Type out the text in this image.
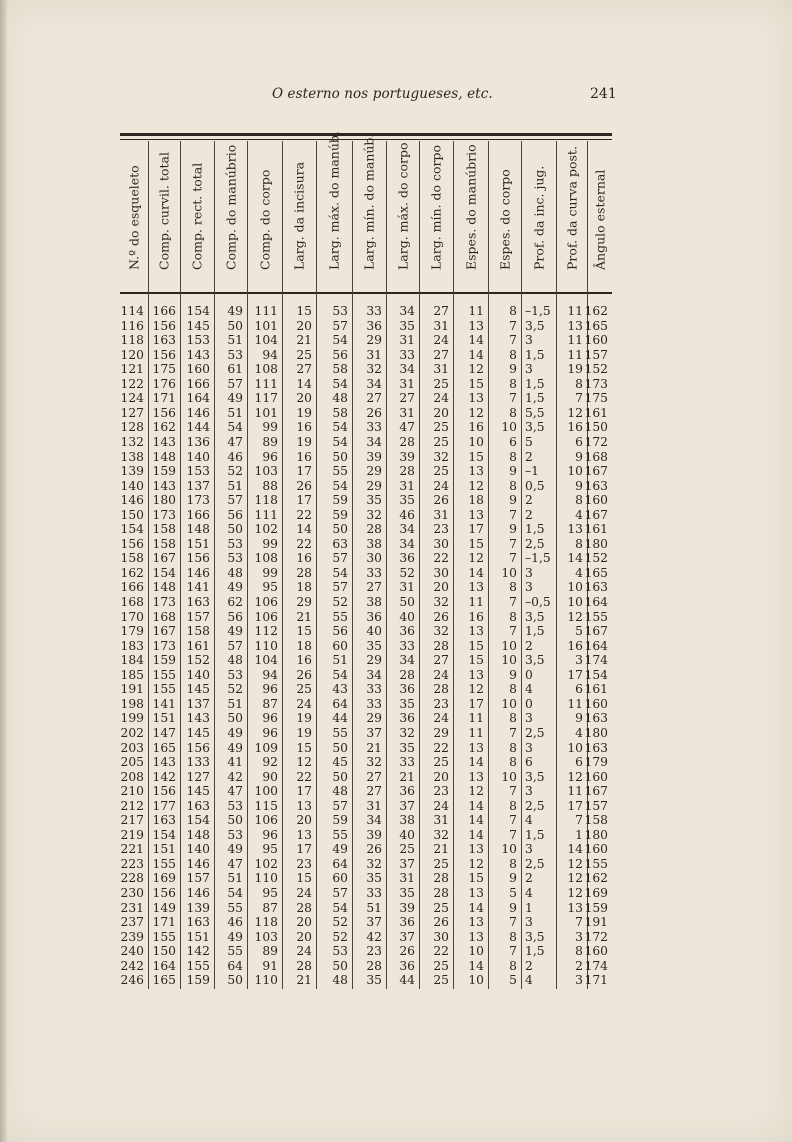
O esterno nos portugueses, etc.	241
N.º do esqueleto Comp. curvil. total Comp. rect. total Comp. do manúbrio Comp. do corpo Larg. da incisura Larg. máx. do manúb. Larg. mín. do manúb. Larg. máx. do corpo Larg. mín. do corpo Espes. do manúbrio Espes. do corpo Prof. da inc. jug. Prof. da curva post. Ângulo esternal
114 166 154 49 111 15 53 33 34 27 11 8 –1,5 11 162
116 156 145 50 101 20 57 36 35 31 13 7 3,5 13 165
118 163 153 51 104 21 54 29 31 24 14 7 3	11 160
120 156 143 53 94 25 56 31 33 27 14 8 1,5 11 157
121 175 160 61 108 27 58 32 34 31 12 9 3	19 152
122 176 166 57 111 14 54 34 31 25 15 8 1,5 8 173
124 171 164 49 117 20 48 27 27 24 13 7 1,5 7 175
127 156 146 51 101 19 58 26 31 20 12 8 5,5 12 161
128 162 144 54 99 16 54 33 47 25 16 10 3,5 16 150
132 143 136 47 89 19 54 34 28 25 10 6 5	6 172
138 148 140 46 96 16 50 39 39 32 15 8 2	9 168
139 159 153 52 103 17 55 29 28 25 13 9 –1 10 167
140 143 137 51 88 26 54 29 31 24 12 8 0,5 9 163
146 180 173 57 118 17 59 35 35 26 18 9 2	8 160
150 173 166 56 111 22 59 32 46 31 13 7 2	4 167
154 158 148 50 102 14 50 28 34 23 17 9 1,5 13 161
156 158 151 53 99 22 63 38 34 30 15 7 2,5 8 180
158 167 156 53 108 16 57 30 36 22 12 7 –1,5 14 152
162 154 146 48 99 28 54 33 52 30 14 10 3	4 165
166 148 141 49 95 18 57 27 31 20 13 8 3	10 163
168 173 163 62 106 29 52 38 50 32 11 7 –0,5 10 164
170 168 157 56 106 21 55 36 40 26 16 8 3,5 12 155
179 167 158 49 112 15 56 40 36 32 13 7 1,5 5 167
183 173 161 57 110 18 60 35 33 28 15 10 2	16 164
184 159 152 48 104 16 51 29 34 27 15 10 3,5 3 174
185 155 140 53 94 26 54 34 28 24 13 9 0	17 154
191 155 145 52 96 25 43 33 36 28 12 8 4	6 161
198 141 137 51 87 24 64 33 35 23 17 10 0	11 160
199 151 143 50 96 19 44 29 36 24 11 8 3	9 163
202 147 145 49 96 19 55 37 32 29 11 7 2,5 4 180
203 165 156 49 109 15 50 21 35 22 13 8 3	10 163
205 143 133 41 92 12 45 32 33 25 14 8 6	6 179
208 142 127 42 90 22 50 27 21 20 13 10 3,5 12 160
210 156 145 47 100 17 48 27 36 23 12 7 3	11 167
212 177 163 53 115 13 57 31 37 24 14 8 2,5 17 157
217 163 154 50 106 20 59 34 38 31 14 7 4	7 158
219 154 148 53 96 13 55 39 40 32 14 7 1,5 1 180
221 151 140 49 95 17 49 26 25 21 13 10 3	14 160
223 155 146 47 102 23 64 32 37 25 12 8 2,5 12 155
228 169 157 51 110 15 60 35 31 28 15 9 2	12 162
230 156 146 54 95 24 57 33 35 28 13 5 4	12 169
231 149 139 55 87 28 54 51 39 25 14 9 1	13 159
237 171 163 46 118 20 52 37 36 26 13 7 3	7 191
239 155 151 49 103 20 52 42 37 30 13 8 3,5 3 172
240 150 142 55 89 24 53 23 26 22 10 7 1,5 8 160
242 164 155 64 91 28 50 28 36 25 14 8 2	2 174
246 165 159 50 110 21 48 35 44 25 10 5 4	3 171
